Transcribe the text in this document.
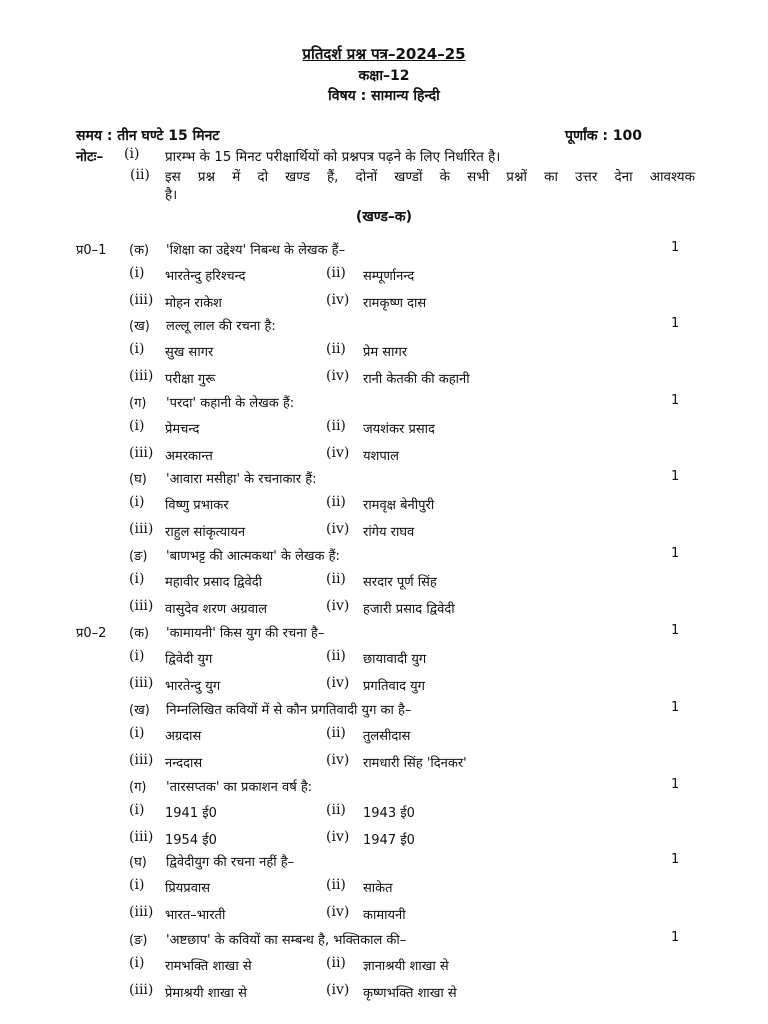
प्रतिदर्श प्रश्न पत्र–2024–25
कक्षा–12
विषय : सामान्य हिन्दी
समय : तीन घण्टे 15 मिनट	पूर्णांक : 100
नोटः– (i) प्रारम्भ के 15 मिनट परीक्षार्थियों को प्रश्नपत्र पढ़ने के लिए निर्धारित है।
(ii) इस प्रश्न में दो खण्ड हैं, दोनों खण्डों के सभी प्रश्नों का उत्तर देना आवश्यक
है।
(खण्ड–क)
प्र0–1 (क) 'शिक्षा का उद्देश्य' निबन्ध के लेखक हैं–	1
(i) भारतेन्दु हरिश्चन्द	(ii) सम्पूर्णानन्द
(iii) मोहन राकेश	(iv) रामकृष्ण दास
(ख) लल्लू लाल की रचना है:	1
(i) सुख सागर	(ii) प्रेम सागर
(iii) परीक्षा गुरू	(iv) रानी केतकी की कहानी
(ग) 'परदा' कहानी के लेखक हैं:	1
(i) प्रेमचन्द	(ii) जयशंकर प्रसाद
(iii) अमरकान्त	(iv) यशपाल
(घ) 'आवारा मसीहा' के रचनाकार हैं:	1
(i) विष्णु प्रभाकर	(ii) रामवृक्ष बेनीपुरी
(iii) राहुल सांकृत्यायन	(iv) रांगेय राघव
(ङ) 'बाणभट्ट की आत्मकथा' के लेखक हैं:	1
(i) महावीर प्रसाद द्विवेदी	(ii) सरदार पूर्ण सिंह
(iii) वासुदेव शरण अग्रवाल	(iv) हजारी प्रसाद द्विवेदी
प्र0–2 (क) 'कामायनी' किस युग की रचना है–	1
(i) द्विवेदी युग	(ii) छायावादी युग
(iii) भारतेन्दु युग	(iv) प्रगतिवाद युग
(ख) निम्नलिखित कवियों में से कौन प्रगतिवादी युग का है–	1
(i) अग्रदास	(ii) तुलसीदास
(iii) नन्ददास	(iv) रामधारी सिंह 'दिनकर'
(ग) 'तारसप्तक' का प्रकाशन वर्ष है:	1
(i) 1941 ई0	(ii) 1943 ई0
(iii) 1954 ई0	(iv) 1947 ई0
(घ) द्विवेदीयुग की रचना नहीं है–	1
(i) प्रियप्रवास	(ii) साकेत
(iii) भारत–भारती	(iv) कामायनी
(ङ) 'अष्टछाप' के कवियों का सम्बन्ध है, भक्तिकाल की–	1
(i) रामभक्ति शाखा से	(ii) ज्ञानाश्रयी शाखा से
(iii) प्रेमाश्रयी शाखा से	(iv) कृष्णभक्ति शाखा से
